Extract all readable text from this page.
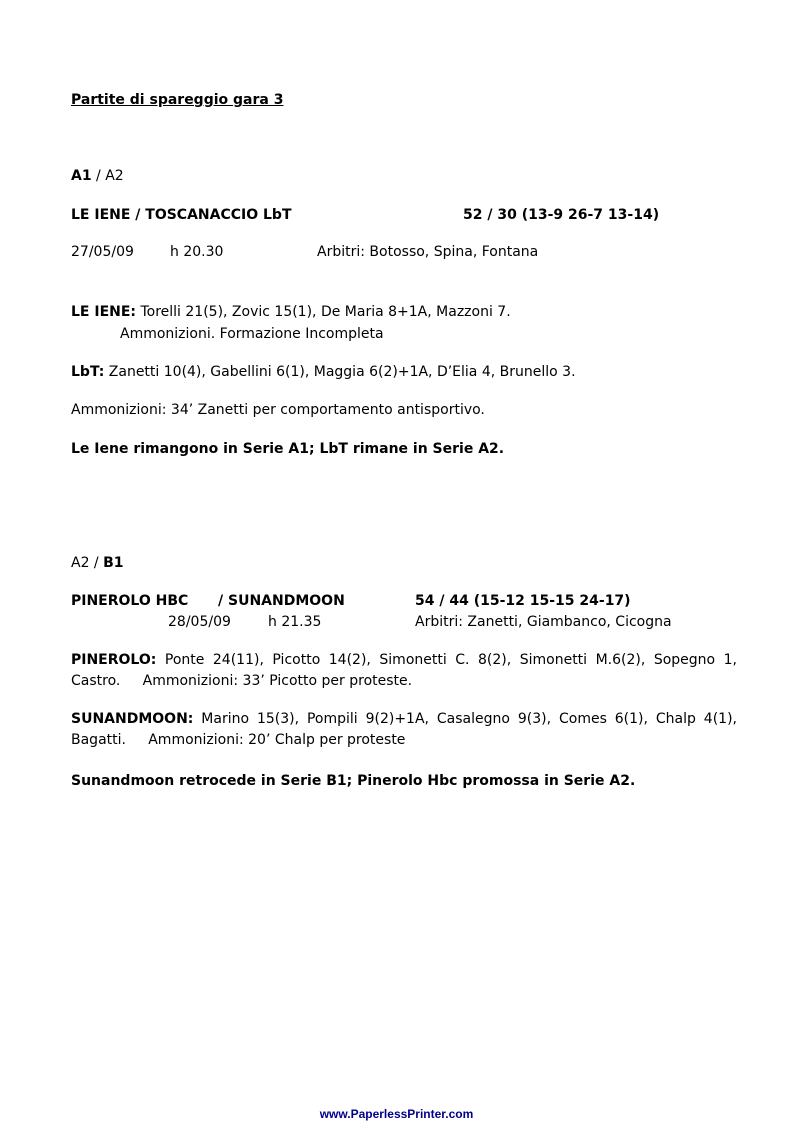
Partite di spareggio gara 3
A1 / A2
LE IENE / TOSCANACCIO LbT	52 / 30 (13-9 26-7 13-14)
27/05/09	h 20.30	Arbitri: Botosso, Spina, Fontana
LE IENE: Torelli 21(5), Zovic 15(1), De Maria 8+1A, Mazzoni 7.
Ammonizioni. Formazione Incompleta
LbT: Zanetti 10(4), Gabellini 6(1), Maggia 6(2)+1A, D’Elia 4, Brunello 3.
Ammonizioni: 34’ Zanetti per comportamento antisportivo.
Le Iene rimangono in Serie A1; LbT rimane in Serie A2.
A2 / B1
PINEROLO HBC / SUNANDMOON	54 / 44 (15-12 15-15 24-17)
28/05/09	h 21.35	Arbitri: Zanetti, Giambanco, Cicogna
PINEROLO: Ponte 24(11), Picotto 14(2), Simonetti C. 8(2), Simonetti M.6(2), Sopegno 1, Castro. Ammonizioni: 33’ Picotto per proteste.
SUNANDMOON: Marino 15(3), Pompili 9(2)+1A, Casalegno 9(3), Comes 6(1), Chalp 4(1), Bagatti. Ammonizioni: 20’ Chalp per proteste
Sunandmoon retrocede in Serie B1; Pinerolo Hbc promossa in Serie A2.
www.PaperlessPrinter.com
